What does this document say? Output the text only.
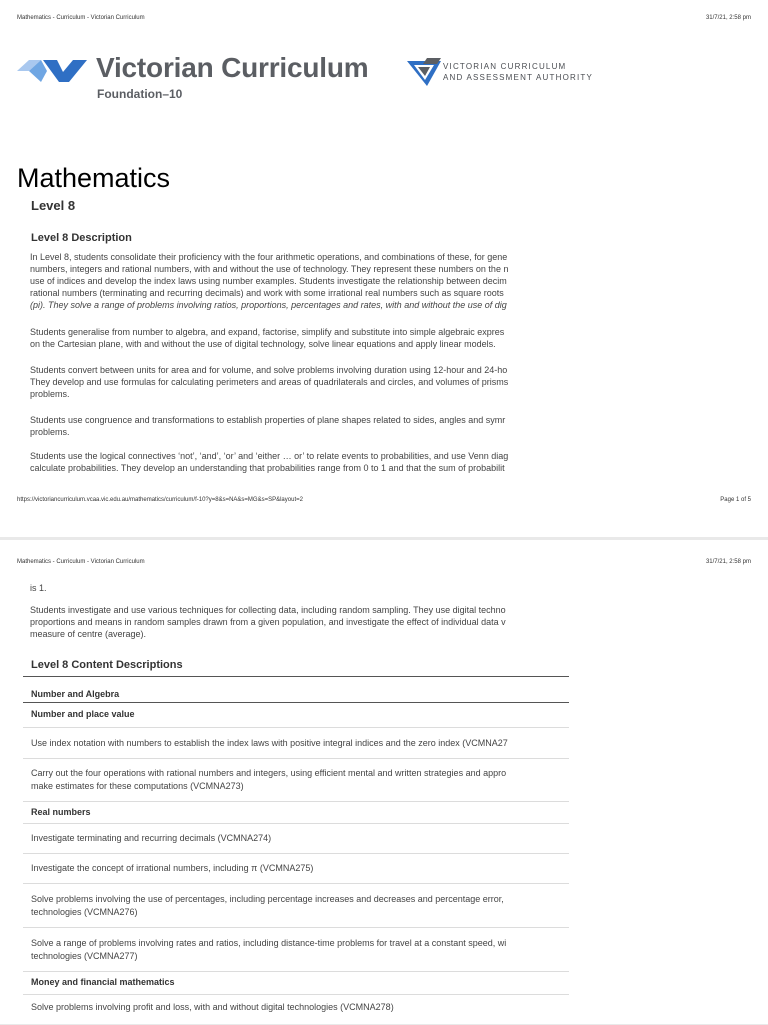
Mathematics - Curriculum - Victorian Curriculum	31/7/21, 2:58 pm
Victorian Curriculum
Foundation–10
VICTORIAN CURRICULUM
AND ASSESSMENT AUTHORITY
Mathematics
Level 8
Level 8 Description
In Level 8, students consolidate their proficiency with the four arithmetic operations, and combinations of these, for gene
numbers, integers and rational numbers, with and without the use of technology. They represent these numbers on the n
use of indices and develop the index laws using number examples. Students investigate the relationship between decim
rational numbers (terminating and recurring decimals) and work with some irrational real numbers such as square roots
(pi). They solve a range of problems involving ratios, proportions, percentages and rates, with and without the use of dig
Students generalise from number to algebra, and expand, factorise, simplify and substitute into simple algebraic expres
on the Cartesian plane, with and without the use of digital technology, solve linear equations and apply linear models.
Students convert between units for area and for volume, and solve problems involving duration using 12-hour and 24-ho
They develop and use formulas for calculating perimeters and areas of quadrilaterals and circles, and volumes of prisms
problems.
Students use congruence and transformations to establish properties of plane shapes related to sides, angles and symr
problems.
Students use the logical connectives ‘not’, ‘and’, ‘or’ and ‘either … or’ to relate events to probabilities, and use Venn diag
calculate probabilities. They develop an understanding that probabilities range from 0 to 1 and that the sum of probabilit
https://victoriancurriculum.vcaa.vic.edu.au/mathematics/curriculum/f-10?y=8&s=NA&s=MG&s=SP&layout=2	Page 1 of 5
Mathematics - Curriculum - Victorian Curriculum	31/7/21, 2:58 pm
is 1.
Students investigate and use various techniques for collecting data, including random sampling. They use digital techno
proportions and means in random samples drawn from a given population, and investigate the effect of individual data v
measure of centre (average).
Level 8 Content Descriptions
Number and Algebra
Number and place value
Use index notation with numbers to establish the index laws with positive integral indices and the zero index (VCMNA27
Carry out the four operations with rational numbers and integers, using efficient mental and written strategies and appro
make estimates for these computations (VCMNA273)
Real numbers
Investigate terminating and recurring decimals (VCMNA274)
Investigate the concept of irrational numbers, including π (VCMNA275)
Solve problems involving the use of percentages, including percentage increases and decreases and percentage error,
technologies (VCMNA276)
Solve a range of problems involving rates and ratios, including distance-time problems for travel at a constant speed, wi
technologies (VCMNA277)
Money and financial mathematics
Solve problems involving profit and loss, with and without digital technologies (VCMNA278)
